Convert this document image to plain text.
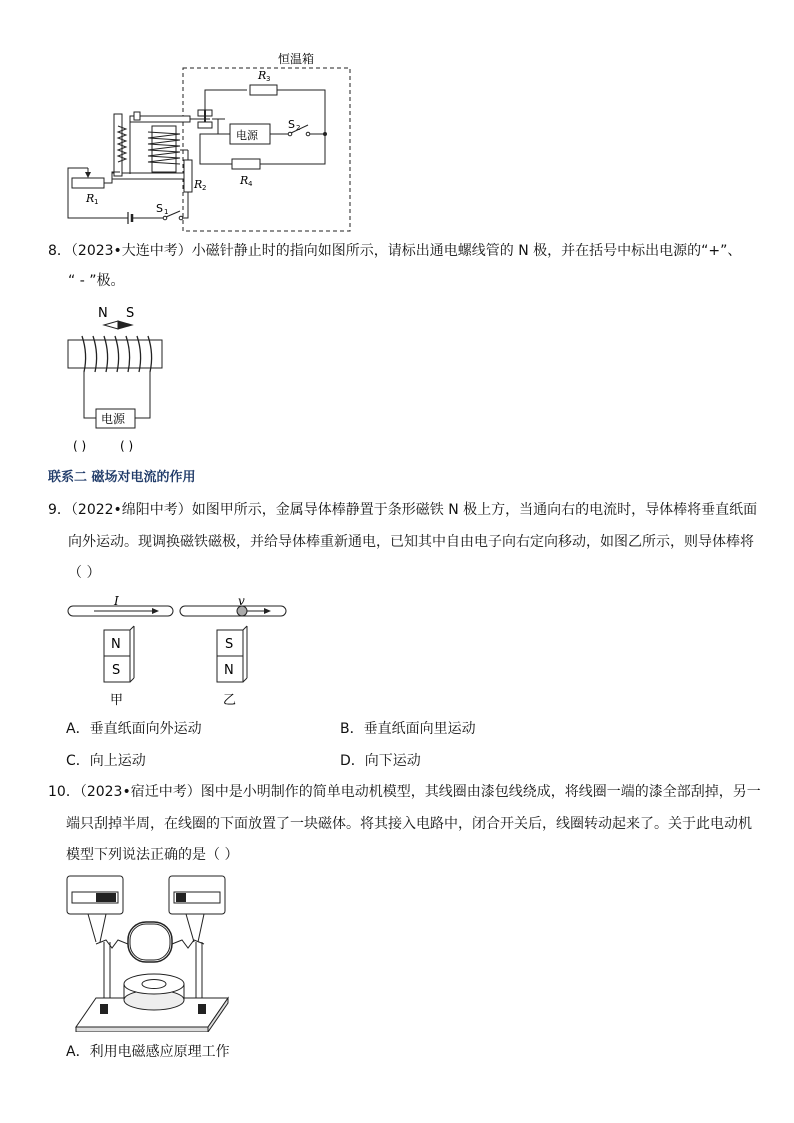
恒温箱
R 3
电源
S 2
R 4
R 2
R 1	S 1
8．（2023•大连中考）小磁针静止时的指向如图所示，请标出通电螺线管的 N 极，并在括号中标出电源的“+”、
“ - ”极。
N S
电源
( )	( )
联系二 磁场对电流的作用
9．（2022•绵阳中考）如图甲所示，金属导体棒静置于条形磁铁 N 极上方，当通向右的电流时，导体棒将垂直纸面
向外运动。现调换磁铁磁极，并给导体棒重新通电，已知其中自由电子向右定向移动，如图乙所示，则导体棒将
（ ）
I
N
S
甲
v
S
N
乙
A．垂直纸面向外运动	B．垂直纸面向里运动
C．向上运动	D．向下运动
10．（2023•宿迁中考）图中是小明制作的简单电动机模型，其线圈由漆包线绕成，将线圈一端的漆全部刮掉，另一
端只刮掉半周，在线圈的下面放置了一块磁体。将其接入电路中，闭合开关后，线圈转动起来了。关于此电动机
模型下列说法正确的是（ ）
A．利用电磁感应原理工作
